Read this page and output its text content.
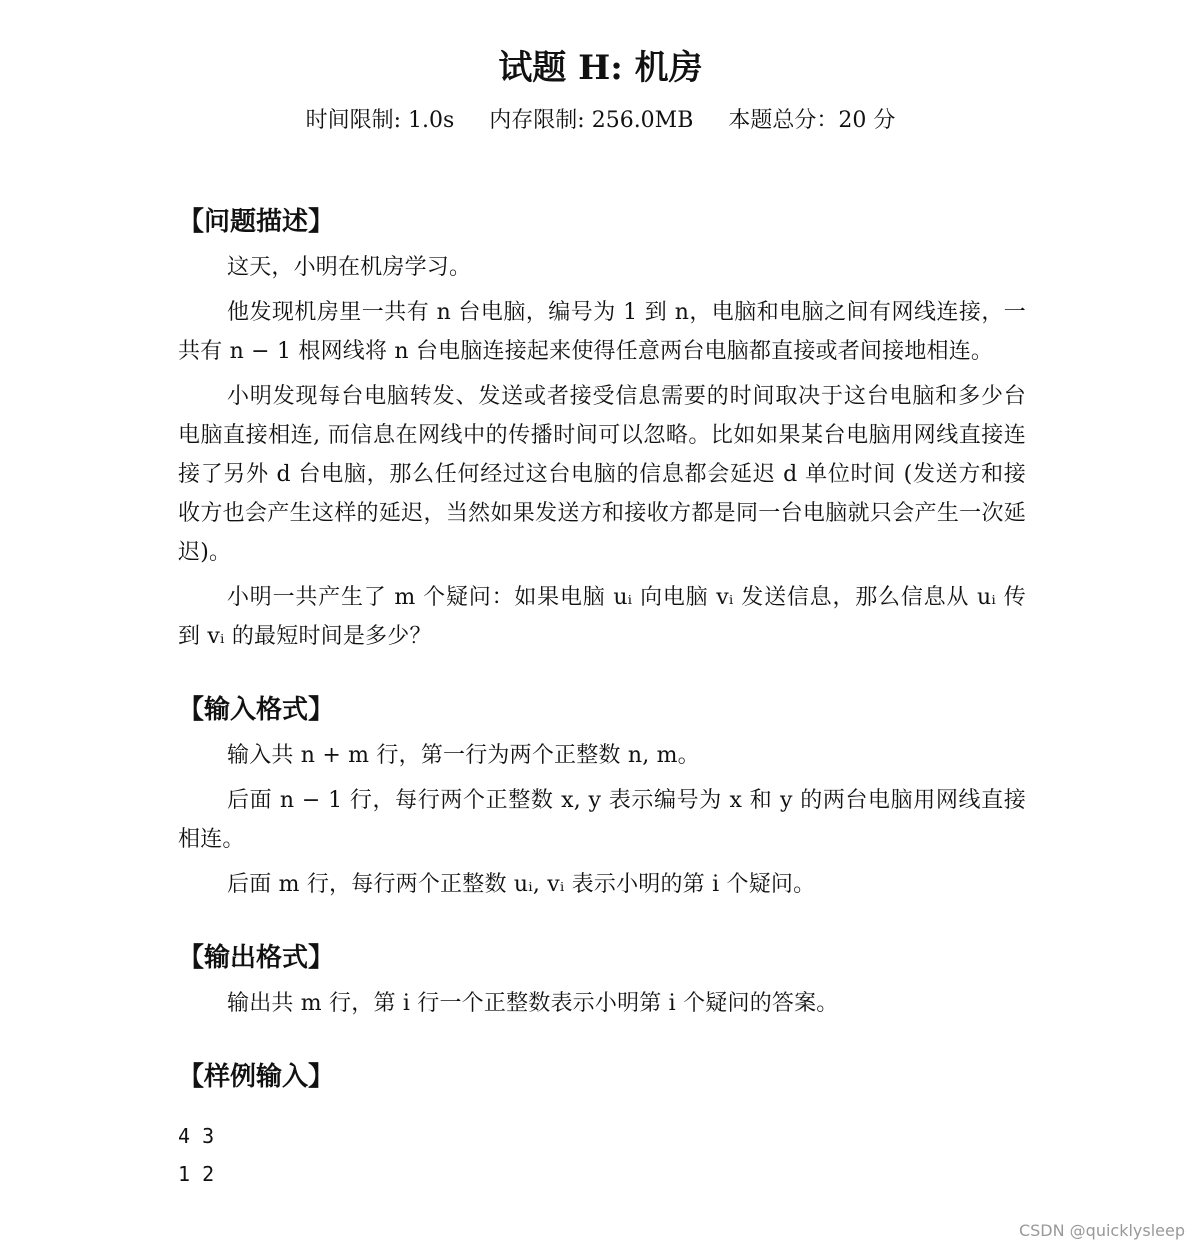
试题 H: 机房
时间限制: 1.0s 内存限制: 256.0MB 本题总分：20 分

【问题描述】

这天，小明在机房学习。

他发现机房里一共有 n 台电脑，编号为 1 到 n，电脑和电脑之间有网线连接，一共有 n − 1 根网线将 n 台电脑连接起来使得任意两台电脑都直接或者间接地相连。

小明发现每台电脑转发、发送或者接受信息需要的时间取决于这台电脑和多少台电脑直接相连, 而信息在网线中的传播时间可以忽略。比如如果某台电脑用网线直接连接了另外 d 台电脑，那么任何经过这台电脑的信息都会延迟 d 单位时间 (发送方和接收方也会产生这样的延迟，当然如果发送方和接收方都是同一台电脑就只会产生一次延迟)。

小明一共产生了 m 个疑问：如果电脑 uᵢ 向电脑 vᵢ 发送信息，那么信息从 uᵢ 传到 vᵢ 的最短时间是多少？

【输入格式】

输入共 n + m 行，第一行为两个正整数 n, m。

后面 n − 1 行，每行两个正整数 x, y 表示编号为 x 和 y 的两台电脑用网线直接相连。

后面 m 行，每行两个正整数 uᵢ, vᵢ 表示小明的第 i 个疑问。

【输出格式】

输出共 m 行，第 i 行一个正整数表示小明第 i 个疑问的答案。

【样例输入】

4 3

1 2

CSDN @quicklysleep
